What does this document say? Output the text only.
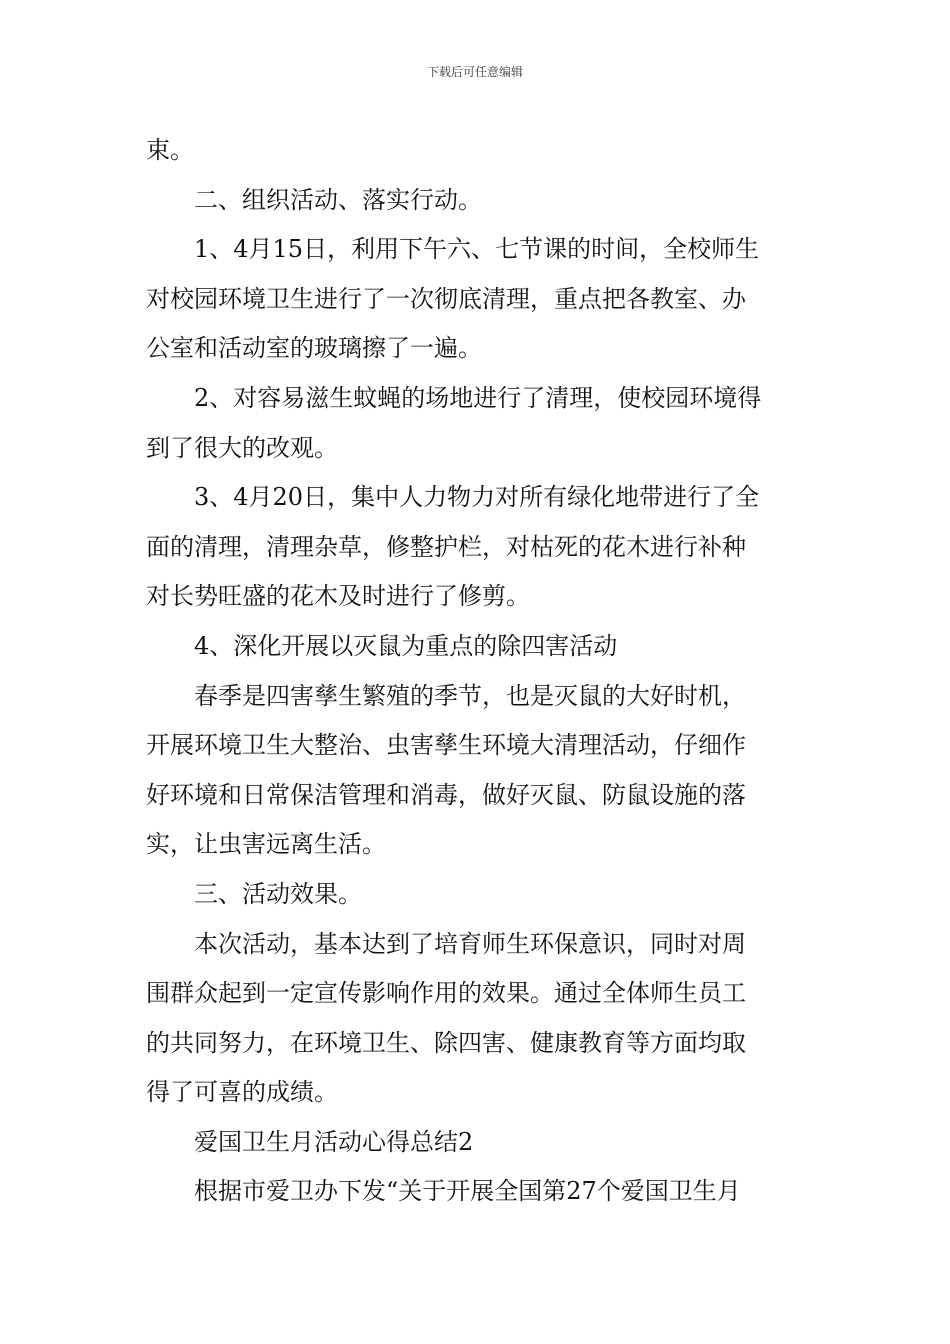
下载后可任意编辑
束。
二、组织活动、落实行动。
1、4月15日，利用下午六、七节课的时间，全校师生
对校园环境卫生进行了一次彻底清理，重点把各教室、办
公室和活动室的玻璃擦了一遍。
2、对容易滋生蚊蝇的场地进行了清理，使校园环境得
到了很大的改观。
3、4月20日，集中人力物力对所有绿化地带进行了全
面的清理，清理杂草，修整护栏，对枯死的花木进行补种
对长势旺盛的花木及时进行了修剪。
4、深化开展以灭鼠为重点的除四害活动
春季是四害孳生繁殖的季节，也是灭鼠的大好时机，
开展环境卫生大整治、虫害孳生环境大清理活动，仔细作
好环境和日常保洁管理和消毒，做好灭鼠、防鼠设施的落
实，让虫害远离生活。
三、活动效果。
本次活动，基本达到了培育师生环保意识，同时对周
围群众起到一定宣传影响作用的效果。通过全体师生员工
的共同努力，在环境卫生、除四害、健康教育等方面均取
得了可喜的成绩。
爱国卫生月活动心得总结2
根据市爱卫办下发“关于开展全国第27个爱国卫生月
